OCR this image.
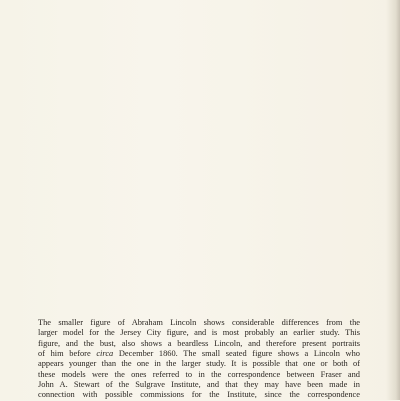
The smaller figure of Abraham Lincoln shows considerable differences from the
larger model for the Jersey City figure, and is most probably an earlier study. This
figure, and the bust, also shows a beardless Lincoln, and therefore present portraits
of him before circa December 1860. The small seated figure shows a Lincoln who
appears younger than the one in the larger study. It is possible that one or both of
these models were the ones referred to in the correspondence between Fraser and
John A. Stewart of the Sulgrave Institute, and that they may have been made in
connection with possible commissions for the Institute, since the correspondence
